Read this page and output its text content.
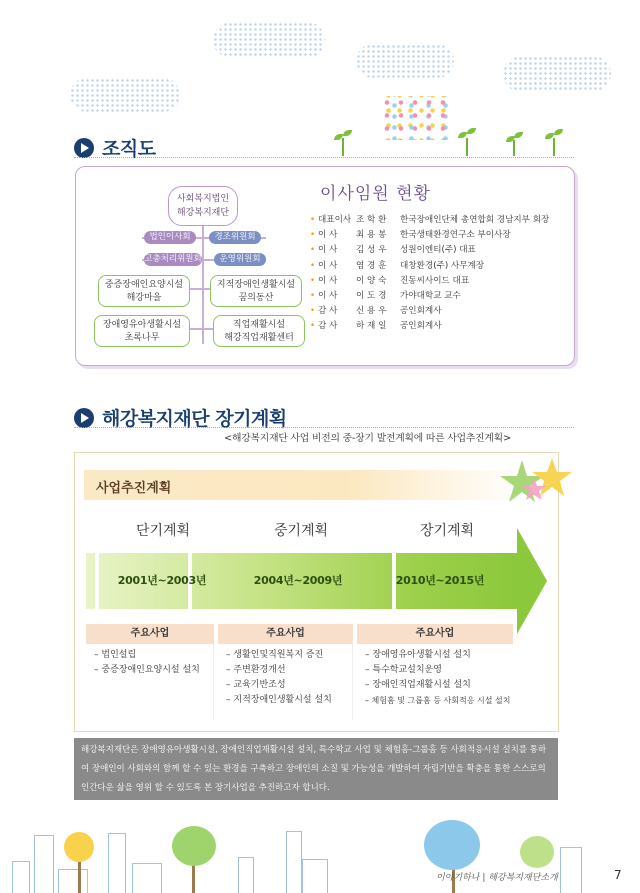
조직도
사회복지법인
해강복지재단
법인이사회	경조위원회
고충처리위원회	운영위원회
중증장애인요양시설
해강마을
지적장애인생활시설
꿈의동산
장애영유아생활시설
초록나무
직업재활시설
해강직업재활센터
이사임원 현황
• 대표이사 조 학 환	한국장애인단체 총연합회 경남지부 회장
• 이 사	최 용 봉	한국생태환경연구소 부이사장
• 이 사	김 성 우	성원이엔티(주) 대표
• 이 사	염 경 훈	대창환경(주) 사무계장
• 이 사	이 양 숙	진동씨사이드 대표
• 이 사	이 도 경	가야대학교 교수
• 감 사	신 용 우	공인회계사
• 감 사	하 재 일	공인회계사
해강복지재단 장기계획
<해강복지재단 사업 비전의 중-장기 발전계획에 따른 사업추진계획>
사업추진계획
단기계획	중기계획	장기계획
2001년~2003년	2004년~2009년	2010년~2015년
주요사업	주요사업	주요사업
– 법인설립
– 중증장애인요양시설 설치
– 생활인및직원복지 증진
– 주변환경개선
– 교육기반조성
– 지적장애인생활시설 설치
– 장애영유아생활시설 설치
– 특수학교설치운영
– 장애인직업재활시설 설치
– 체험홈 및 그룹홈 등 사회적응 시설 설치
해강복지재단은 장애영유아생활시설, 장애인직업재활시설 설치, 특수학교 사업 및 체험홈-그룹홈 등 사회적응시설 설치를 통하여 장애인이 사회와의 함께 할 수 있는 환경을 구축하고 장애인의 소질 및 가능성을 개발하여 자립기반을 확충을 통한 스스로의 인간다운 삶을 영위 할 수 있도록 본 장기사업을 추진하고자 합니다.
이야기하나 | 해강복지재단소개	7
